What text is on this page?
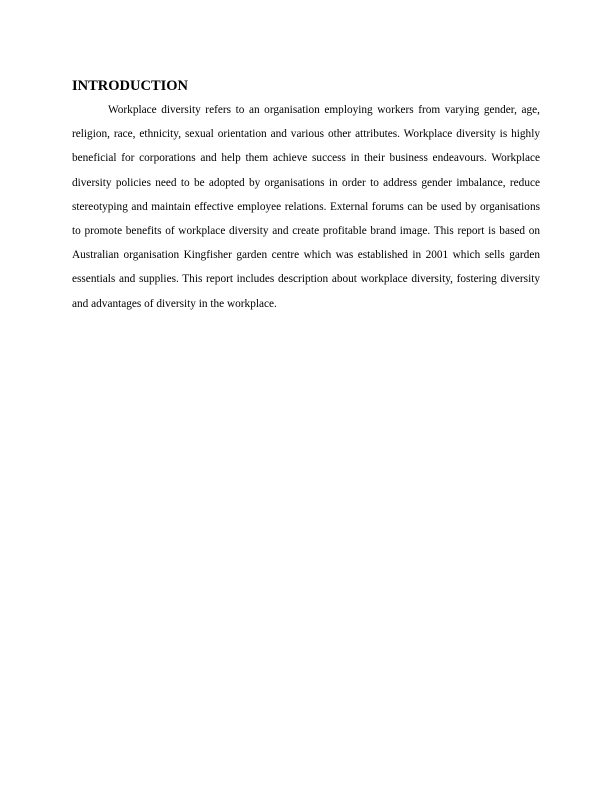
INTRODUCTION

Workplace diversity refers to an organisation employing workers from varying gender, age, religion, race, ethnicity, sexual orientation and various other attributes. Workplace diversity is highly beneficial for corporations and help them achieve success in their business endeavours. Workplace diversity policies need to be adopted by organisations in order to address gender imbalance, reduce stereotyping and maintain effective employee relations. External forums can be used by organisations to promote benefits of workplace diversity and create profitable brand image. This report is based on Australian organisation Kingfisher garden centre which was established in 2001 which sells garden essentials and supplies. This report includes description about workplace diversity, fostering diversity and advantages of diversity in the workplace.
